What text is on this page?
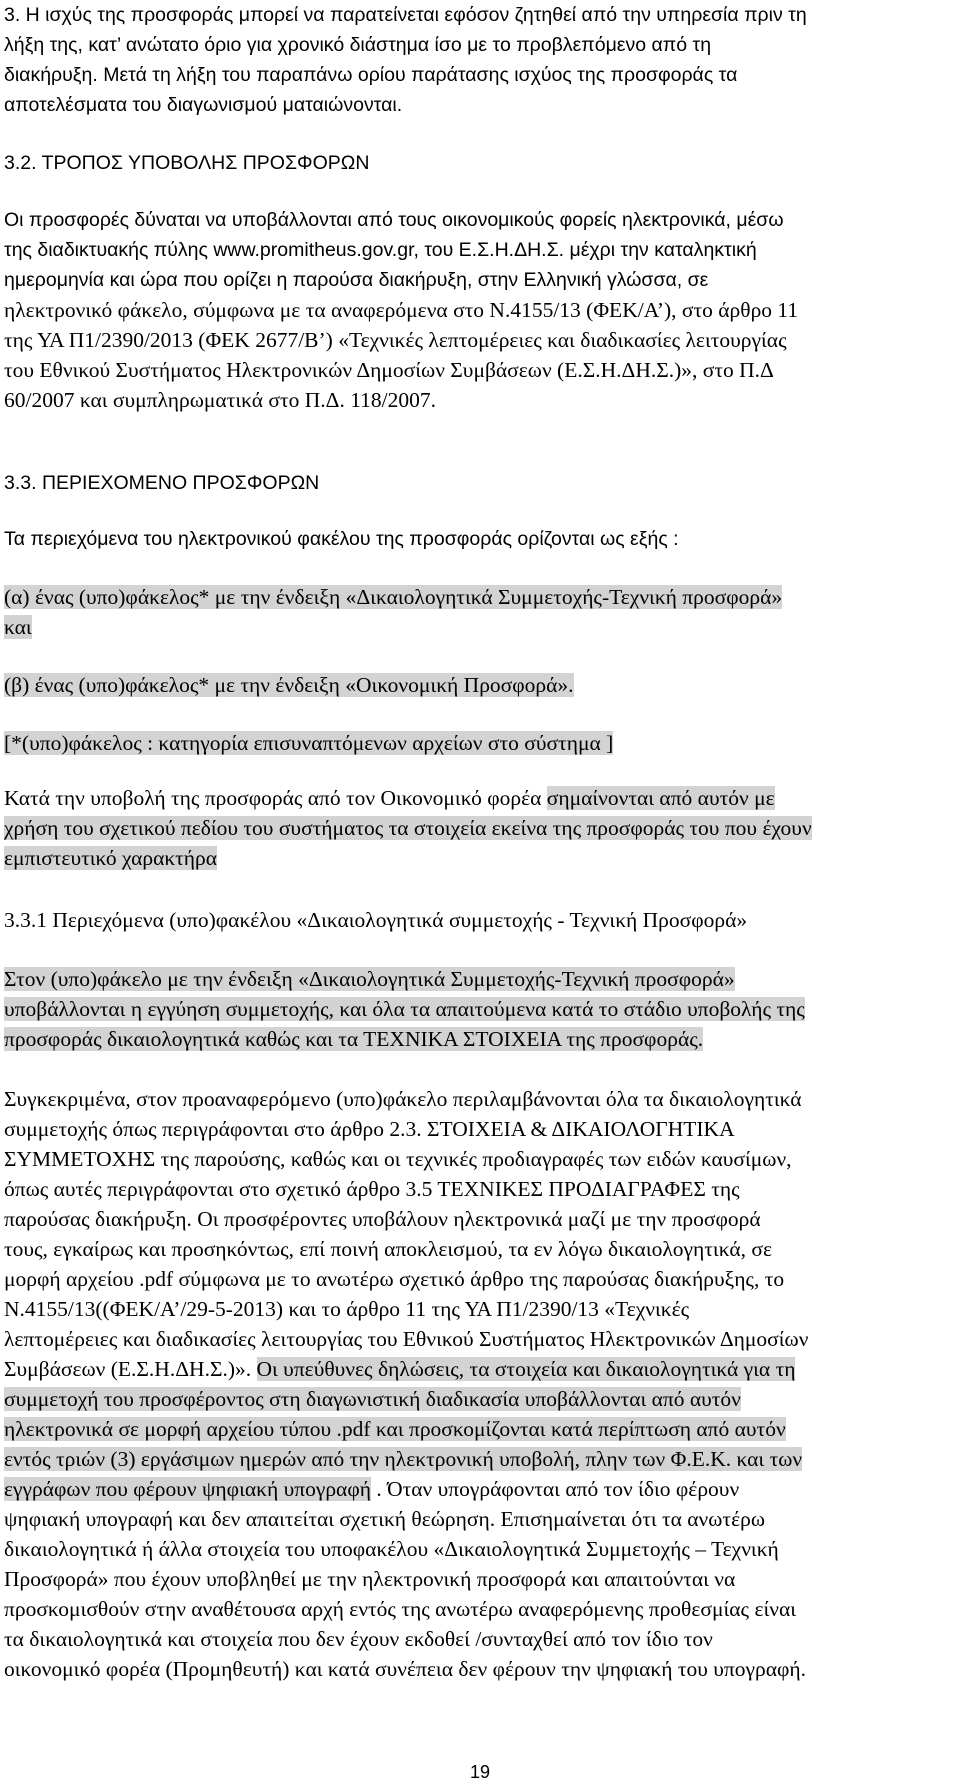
3. Η ισχύς της προσφοράς μπορεί να παρατείνεται εφόσον ζητηθεί από την υπηρεσία πριν τη
λήξη της, κατ’ ανώτατο όριο για χρονικό διάστημα ίσο με το προβλεπόμενο από τη
διακήρυξη. Μετά τη λήξη του παραπάνω ορίου παράτασης ισχύος της προσφοράς τα
αποτελέσματα του διαγωνισμού ματαιώνονται.
3.2. ΤΡΟΠΟΣ ΥΠΟΒΟΛΗΣ ΠΡΟΣΦΟΡΩΝ
Οι προσφορές δύναται να υποβάλλονται από τους οικονομικούς φορείς ηλεκτρονικά, μέσω
της διαδικτυακής πύλης www.promitheus.gov.gr, του Ε.Σ.Η.ΔΗ.Σ. μέχρι την καταληκτική
ημερομηνία και ώρα που ορίζει η παρούσα διακήρυξη, στην Ελληνική γλώσσα, σε
ηλεκτρονικό φάκελο, σύμφωνα με τα αναφερόμενα στο Ν.4155/13 (ΦΕΚ/Α’), στο άρθρο 11
της ΥΑ Π1/2390/2013 (ΦΕΚ 2677/Β’) «Τεχνικές λεπτομέρειες και διαδικασίες λειτουργίας
του Εθνικού Συστήματος Ηλεκτρονικών Δημοσίων Συμβάσεων (Ε.Σ.Η.ΔΗ.Σ.)», στο Π.Δ
60/2007 και συμπληρωματικά στο Π.Δ. 118/2007.
3.3. ΠΕΡΙΕΧΟΜΕΝΟ ΠΡΟΣΦΟΡΩΝ
Τα περιεχόμενα του ηλεκτρονικού φακέλου της προσφοράς ορίζονται ως εξής :
(α) ένας (υπο)φάκελος* με την ένδειξη «Δικαιολογητικά Συμμετοχής-Τεχνική προσφορά»
και
(β) ένας (υπο)φάκελος* με την ένδειξη «Οικονομική Προσφορά».
[*(υπο)φάκελος : κατηγορία επισυναπτόμενων αρχείων στο σύστημα ]
Κατά την υποβολή της προσφοράς από τον Οικονομικό φορέα σημαίνονται από αυτόν με
χρήση του σχετικού πεδίου του συστήματος τα στοιχεία εκείνα της προσφοράς του που έχουν
εμπιστευτικό χαρακτήρα
3.3.1 Περιεχόμενα (υπο)φακέλου «Δικαιολογητικά συμμετοχής - Τεχνική Προσφορά»
Στον (υπο)φάκελο με την ένδειξη «Δικαιολογητικά Συμμετοχής-Τεχνική προσφορά»
υποβάλλονται η εγγύηση συμμετοχής, και όλα τα απαιτούμενα κατά το στάδιο υποβολής της
προσφοράς δικαιολογητικά καθώς και τα ΤΕΧΝΙΚΑ ΣΤΟΙΧΕΙΑ της προσφοράς.
Συγκεκριμένα, στον προαναφερόμενο (υπο)φάκελο περιλαμβάνονται όλα τα δικαιολογητικά
συμμετοχής όπως περιγράφονται στο άρθρο 2.3. ΣΤΟΙΧΕΙΑ & ΔΙΚΑΙΟΛΟΓΗΤΙΚΑ
ΣΥΜΜΕΤΟΧΗΣ της παρούσης, καθώς και οι τεχνικές προδιαγραφές των ειδών καυσίμων,
όπως αυτές περιγράφονται στο σχετικό άρθρο 3.5 ΤΕΧΝΙΚΕΣ ΠΡΟΔΙΑΓΡΑΦΕΣ της
παρούσας διακήρυξη. Οι προσφέροντες υποβάλουν ηλεκτρονικά μαζί με την προσφορά
τους, εγκαίρως και προσηκόντως, επί ποινή αποκλεισμού, τα εν λόγω δικαιολογητικά, σε
μορφή αρχείου .pdf σύμφωνα με το ανωτέρω σχετικό άρθρο της παρούσας διακήρυξης, το
Ν.4155/13((ΦΕΚ/Α’/29-5-2013) και το άρθρο 11 της ΥΑ Π1/2390/13 «Τεχνικές
λεπτομέρειες και διαδικασίες λειτουργίας του Εθνικού Συστήματος Ηλεκτρονικών Δημοσίων
Συμβάσεων (Ε.Σ.Η.ΔΗ.Σ.)». Οι υπεύθυνες δηλώσεις, τα στοιχεία και δικαιολογητικά για τη
συμμετοχή του προσφέροντος στη διαγωνιστική διαδικασία υποβάλλονται από αυτόν
ηλεκτρονικά σε μορφή αρχείου τύπου .pdf και προσκομίζονται κατά περίπτωση από αυτόν
εντός τριών (3) εργάσιμων ημερών από την ηλεκτρονική υποβολή, πλην των Φ.Ε.Κ. και των
εγγράφων που φέρουν ψηφιακή υπογραφή . Όταν υπογράφονται από τον ίδιο φέρουν
ψηφιακή υπογραφή και δεν απαιτείται σχετική θεώρηση. Επισημαίνεται ότι τα ανωτέρω
δικαιολογητικά ή άλλα στοιχεία του υποφακέλου «Δικαιολογητικά Συμμετοχής – Τεχνική
Προσφορά» που έχουν υποβληθεί με την ηλεκτρονική προσφορά και απαιτούνται να
προσκομισθούν στην αναθέτουσα αρχή εντός της ανωτέρω αναφερόμενης προθεσμίας είναι
τα δικαιολογητικά και στοιχεία που δεν έχουν εκδοθεί /συνταχθεί από τον ίδιο τον
οικονομικό φορέα (Προμηθευτή) και κατά συνέπεια δεν φέρουν την ψηφιακή του υπογραφή.
19
